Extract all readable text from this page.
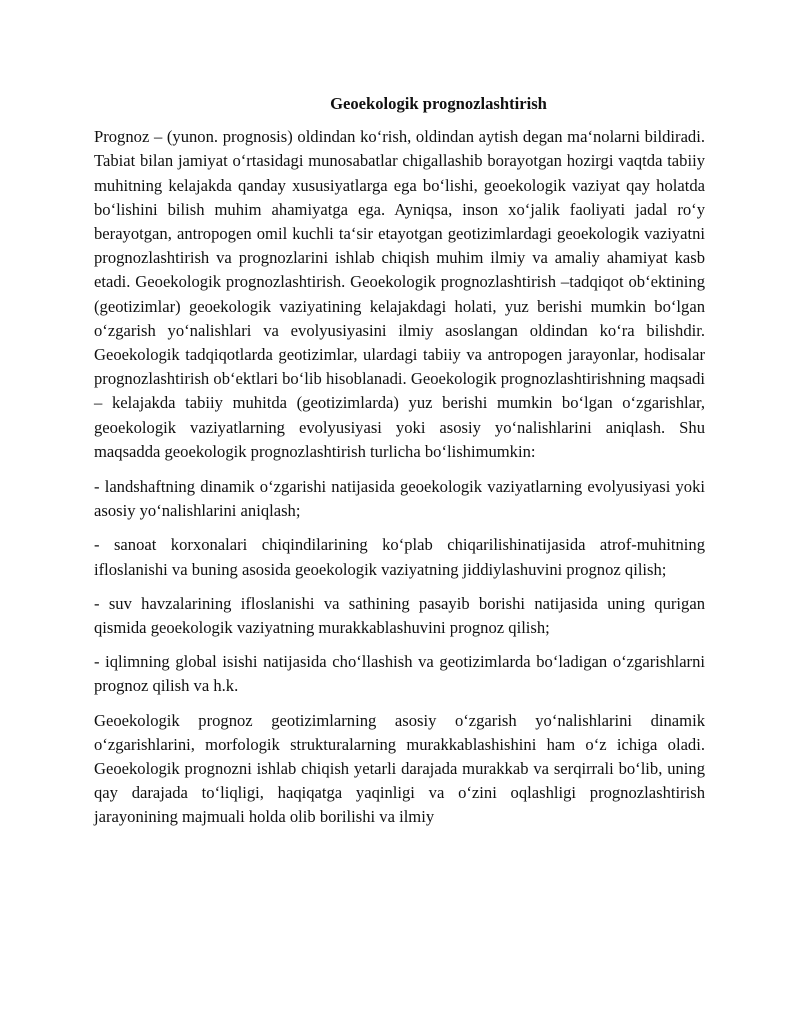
Geoekologik prognozlashtirish

Prognoz – (yunon. prognosis) oldindan ko‘rish, oldindan aytish degan ma‘nolarni bildiradi. Tabiat bilan jamiyat o‘rtasidagi munosabatlar chigallashib borayotgan hozirgi vaqtda tabiiy muhitning kelajakda qanday xususiyatlarga ega bo‘lishi, geoekologik vaziyat qay holatda bo‘lishini bilish muhim ahamiyatga ega. Ayniqsa, inson xo‘jalik faoliyati jadal ro‘y berayotgan, antropogen omil kuchli ta‘sir etayotgan geotizimlardagi geoekologik vaziyatni prognozlashtirish va prognozlarini ishlab chiqish muhim ilmiy va amaliy ahamiyat kasb etadi. Geoekologik prognozlashtirish. Geoekologik prognozlashtirish –tadqiqot ob‘ektining (geotizimlar) geoekologik vaziyatining kelajakdagi holati, yuz berishi mumkin bo‘lgan o‘zgarish yo‘nalishlari va evolyusiyasini ilmiy asoslangan oldindan ko‘ra bilishdir. Geoekologik tadqiqotlarda geotizimlar, ulardagi tabiiy va antropogen jarayonlar, hodisalar prognozlashtirish ob‘ektlari bo‘lib hisoblanadi. Geoekologik prognozlashtirishning maqsadi – kelajakda tabiiy muhitda (geotizimlarda) yuz berishi mumkin bo‘lgan o‘zgarishlar, geoekologik vaziyatlarning evolyusiyasi yoki asosiy yo‘nalishlarini aniqlash. Shu maqsadda geoekologik prognozlashtirish turlicha bo‘lishimumkin:

- landshaftning dinamik o‘zgarishi natijasida geoekologik vaziyatlarning evolyusiyasi yoki asosiy yo‘nalishlarini aniqlash;

- sanoat korxonalari chiqindilarining ko‘plab chiqarilishinatijasida atrof-muhitning ifloslanishi va buning asosida geoekologik vaziyatning jiddiylashuvini prognoz qilish;

- suv havzalarining ifloslanishi va sathining pasayib borishi natijasida uning qurigan qismida geoekologik vaziyatning murakkablashuvini prognoz qilish;

- iqlimning global isishi natijasida cho‘llashish va geotizimlarda bo‘ladigan o‘zgarishlarni prognoz qilish va h.k.

Geoekologik prognoz geotizimlarning asosiy o‘zgarish yo‘nalishlarini dinamik o‘zgarishlarini, morfologik strukturalarning murakkablashishini ham o‘z ichiga oladi. Geoekologik prognozni ishlab chiqish yetarli darajada murakkab va serqirrali bo‘lib, uning qay darajada to‘liqligi, haqiqatga yaqinligi va o‘zini oqlashligi prognozlashtirish jarayonining majmuali holda olib borilishi va ilmiy
